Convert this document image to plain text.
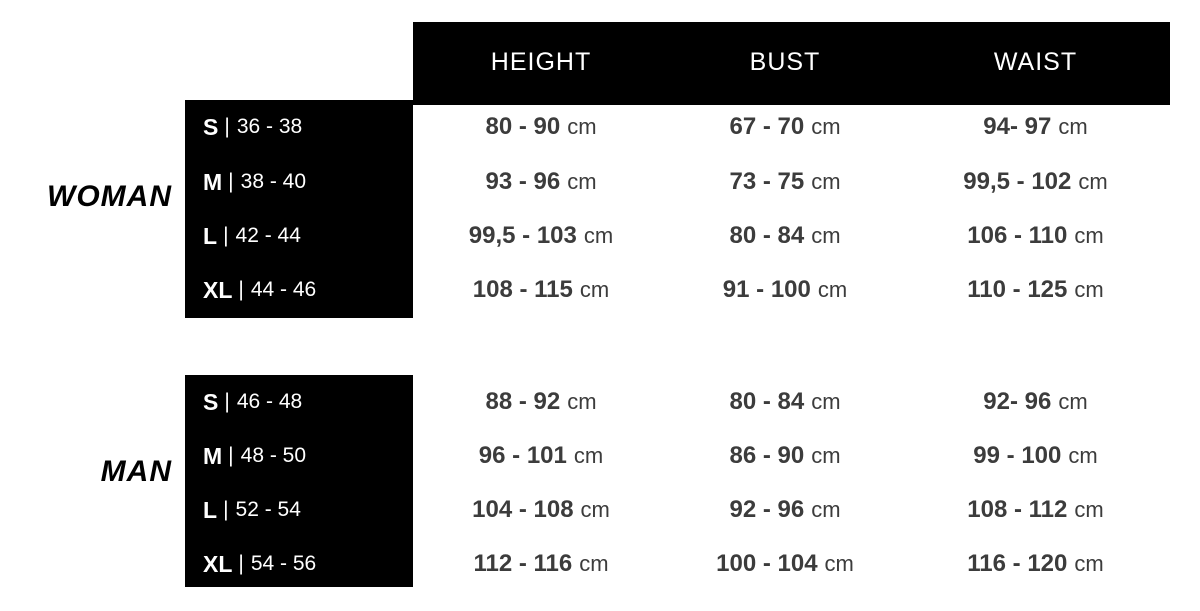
HEIGHT	BUST	WAIST
WOMAN
MAN
S | 36 - 38	80 - 90 cm	67 - 70 cm	94- 97 cm
M | 38 - 40	93 - 96 cm	73 - 75 cm	99,5 - 102 cm
L | 42 - 44	99,5 - 103 cm	80 - 84 cm	106 - 110 cm
XL | 44 - 46	108 - 115 cm	91 - 100 cm	110 - 125 cm
S | 46 - 48	88 - 92 cm	80 - 84 cm	92- 96 cm
M | 48 - 50	96 - 101 cm	86 - 90 cm	99 - 100 cm
L | 52 - 54	104 - 108 cm	92 - 96 cm	108 - 112 cm
XL | 54 - 56	112 - 116 cm	100 - 104 cm	116 - 120 cm
